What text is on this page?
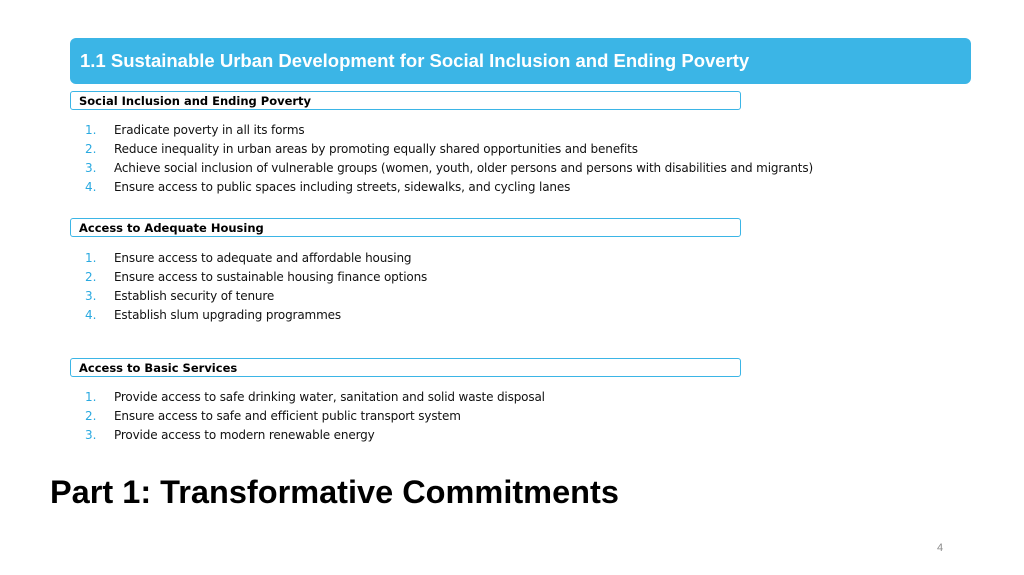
1.1 Sustainable Urban Development for Social Inclusion and Ending Poverty
Social Inclusion and Ending Poverty
1.	Eradicate poverty in all its forms
2.	Reduce inequality in urban areas by promoting equally shared opportunities and benefits
3.	Achieve social inclusion of vulnerable groups (women, youth, older persons and persons with disabilities and migrants)
4.	Ensure access to public spaces including streets, sidewalks, and cycling lanes
Access to Adequate Housing
1.	Ensure access to adequate and affordable housing
2.	Ensure access to sustainable housing finance options
3.	Establish security of tenure
4.	Establish slum upgrading programmes
Access to Basic Services
1.	Provide access to safe drinking water, sanitation and solid waste disposal
2.	Ensure access to safe and efficient public transport system
3.	Provide access to modern renewable energy
Part 1: Transformative Commitments
4
